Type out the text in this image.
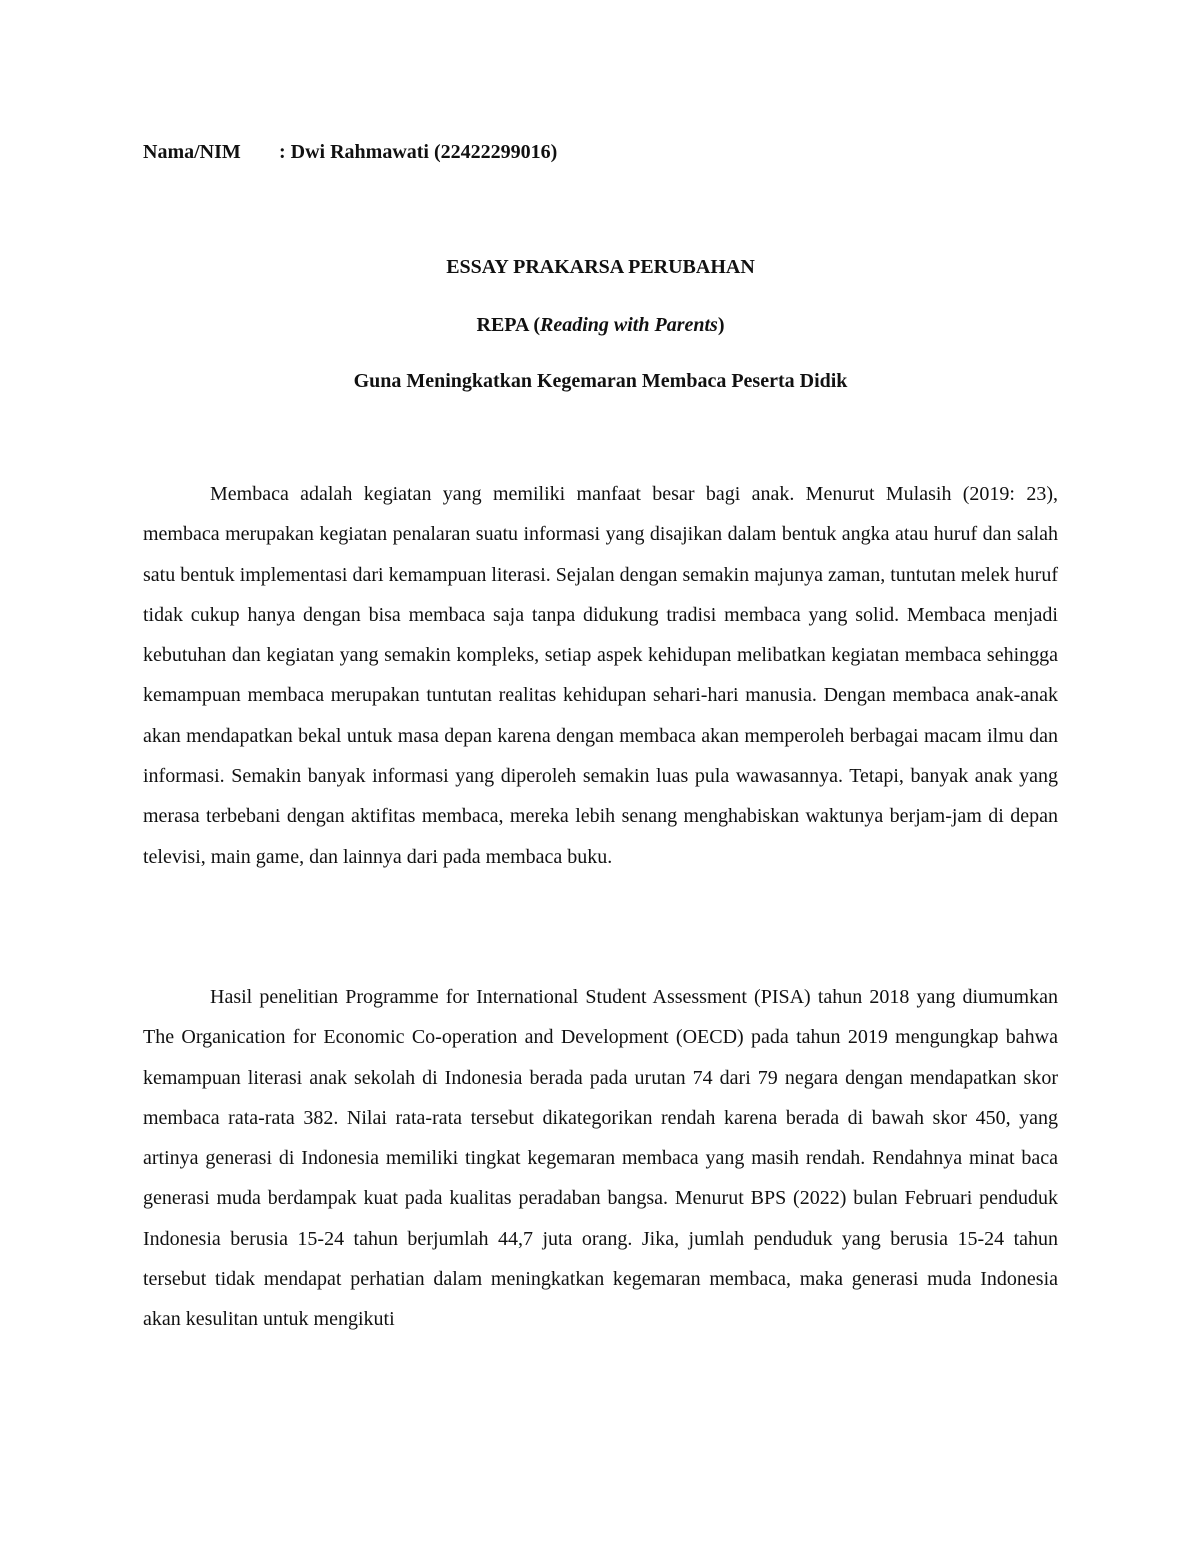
Nama/NIM : Dwi Rahmawati (22422299016)
ESSAY PRAKARSA PERUBAHAN
REPA (Reading with Parents)
Guna Meningkatkan Kegemaran Membaca Peserta Didik

Membaca adalah kegiatan yang memiliki manfaat besar bagi anak. Menurut Mulasih (2019: 23), membaca merupakan kegiatan penalaran suatu informasi yang disajikan dalam bentuk angka atau huruf dan salah satu bentuk implementasi dari kemampuan literasi. Sejalan dengan semakin majunya zaman, tuntutan melek huruf tidak cukup hanya dengan bisa membaca saja tanpa didukung tradisi membaca yang solid. Membaca menjadi kebutuhan dan kegiatan yang semakin kompleks, setiap aspek kehidupan melibatkan kegiatan membaca sehingga kemampuan membaca merupakan tuntutan realitas kehidupan sehari-hari manusia. Dengan membaca anak-anak akan mendapatkan bekal untuk masa depan karena dengan membaca akan memperoleh berbagai macam ilmu dan informasi. Semakin banyak informasi yang diperoleh semakin luas pula wawasannya. Tetapi, banyak anak yang merasa terbebani dengan aktifitas membaca, mereka lebih senang menghabiskan waktunya berjam-jam di depan televisi, main game, dan lainnya dari pada membaca buku.

Hasil penelitian Programme for International Student Assessment (PISA) tahun 2018 yang diumumkan The Organication for Economic Co-operation and Development (OECD) pada tahun 2019 mengungkap bahwa kemampuan literasi anak sekolah di Indonesia berada pada urutan 74 dari 79 negara dengan mendapatkan skor membaca rata-rata 382. Nilai rata-rata tersebut dikategorikan rendah karena berada di bawah skor 450, yang artinya generasi di Indonesia memiliki tingkat kegemaran membaca yang masih rendah. Rendahnya minat baca generasi muda berdampak kuat pada kualitas peradaban bangsa. Menurut BPS (2022) bulan Februari penduduk Indonesia berusia 15-24 tahun berjumlah 44,7 juta orang. Jika, jumlah penduduk yang berusia 15-24 tahun tersebut tidak mendapat perhatian dalam meningkatkan kegemaran membaca, maka generasi muda Indonesia akan kesulitan untuk mengikuti
